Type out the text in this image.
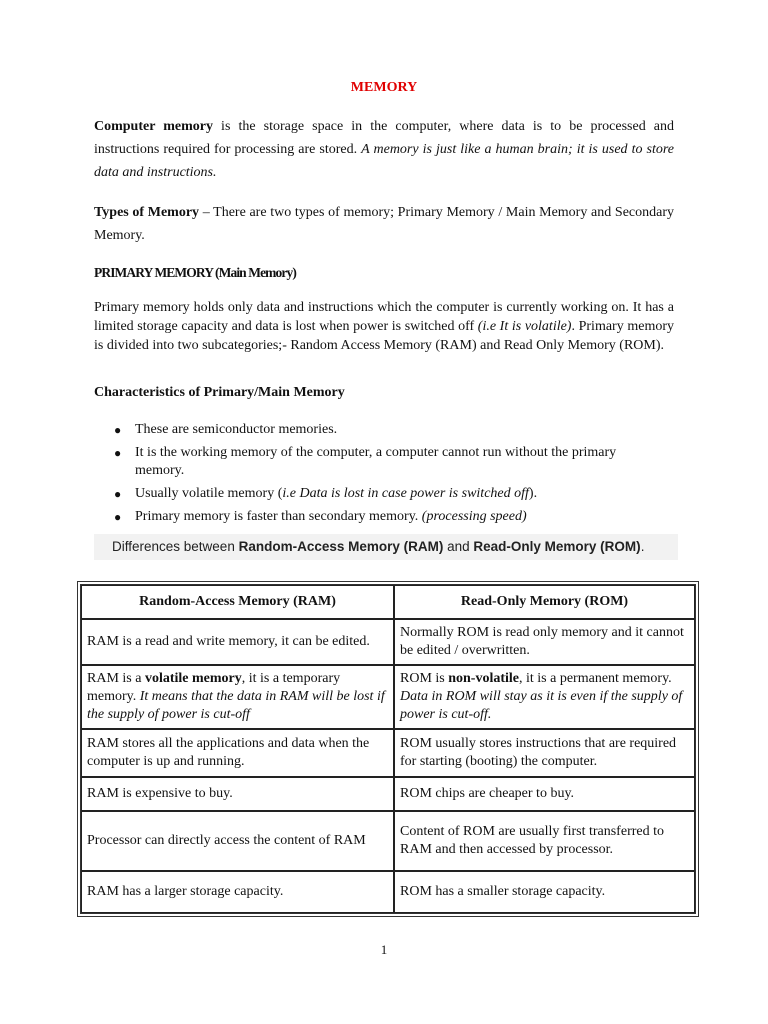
MEMORY
Computer memory is the storage space in the computer, where data is to be processed and instructions required for processing are stored. A memory is just like a human brain; it is used to store data and instructions.
Types of Memory – There are two types of memory; Primary Memory / Main Memory and Secondary Memory.
PRIMARY MEMORY (Main Memory)
Primary memory holds only data and instructions which the computer is currently working on. It has a limited storage capacity and data is lost when power is switched off (i.e It is volatile). Primary memory is divided into two subcategories;- Random Access Memory (RAM) and Read Only Memory (ROM).
Characteristics of Primary/Main Memory
● These are semiconductor memories.
● It is the working memory of the computer, a computer cannot run without the primary memory.
● Usually volatile memory (i.e Data is lost in case power is switched off).
● Primary memory is faster than secondary memory. (processing speed)
Differences between Random-Access Memory (RAM) and Read-Only Memory (ROM).
Random-Access Memory (RAM)	Read-Only Memory (ROM)
RAM is a read and write memory, it can be edited.	Normally ROM is read only memory and it cannot be edited / overwritten.
RAM is a volatile memory, it is a temporary memory. It means that the data in RAM will be lost if the supply of power is cut-off	ROM is non-volatile, it is a permanent memory. Data in ROM will stay as it is even if the supply of power is cut-off.
RAM stores all the applications and data when the computer is up and running.	ROM usually stores instructions that are required for starting (booting) the computer.
RAM is expensive to buy.	ROM chips are cheaper to buy.
Processor can directly access the content of RAM	Content of ROM are usually first transferred to RAM and then accessed by processor.
RAM has a larger storage capacity.	ROM has a smaller storage capacity.
1
